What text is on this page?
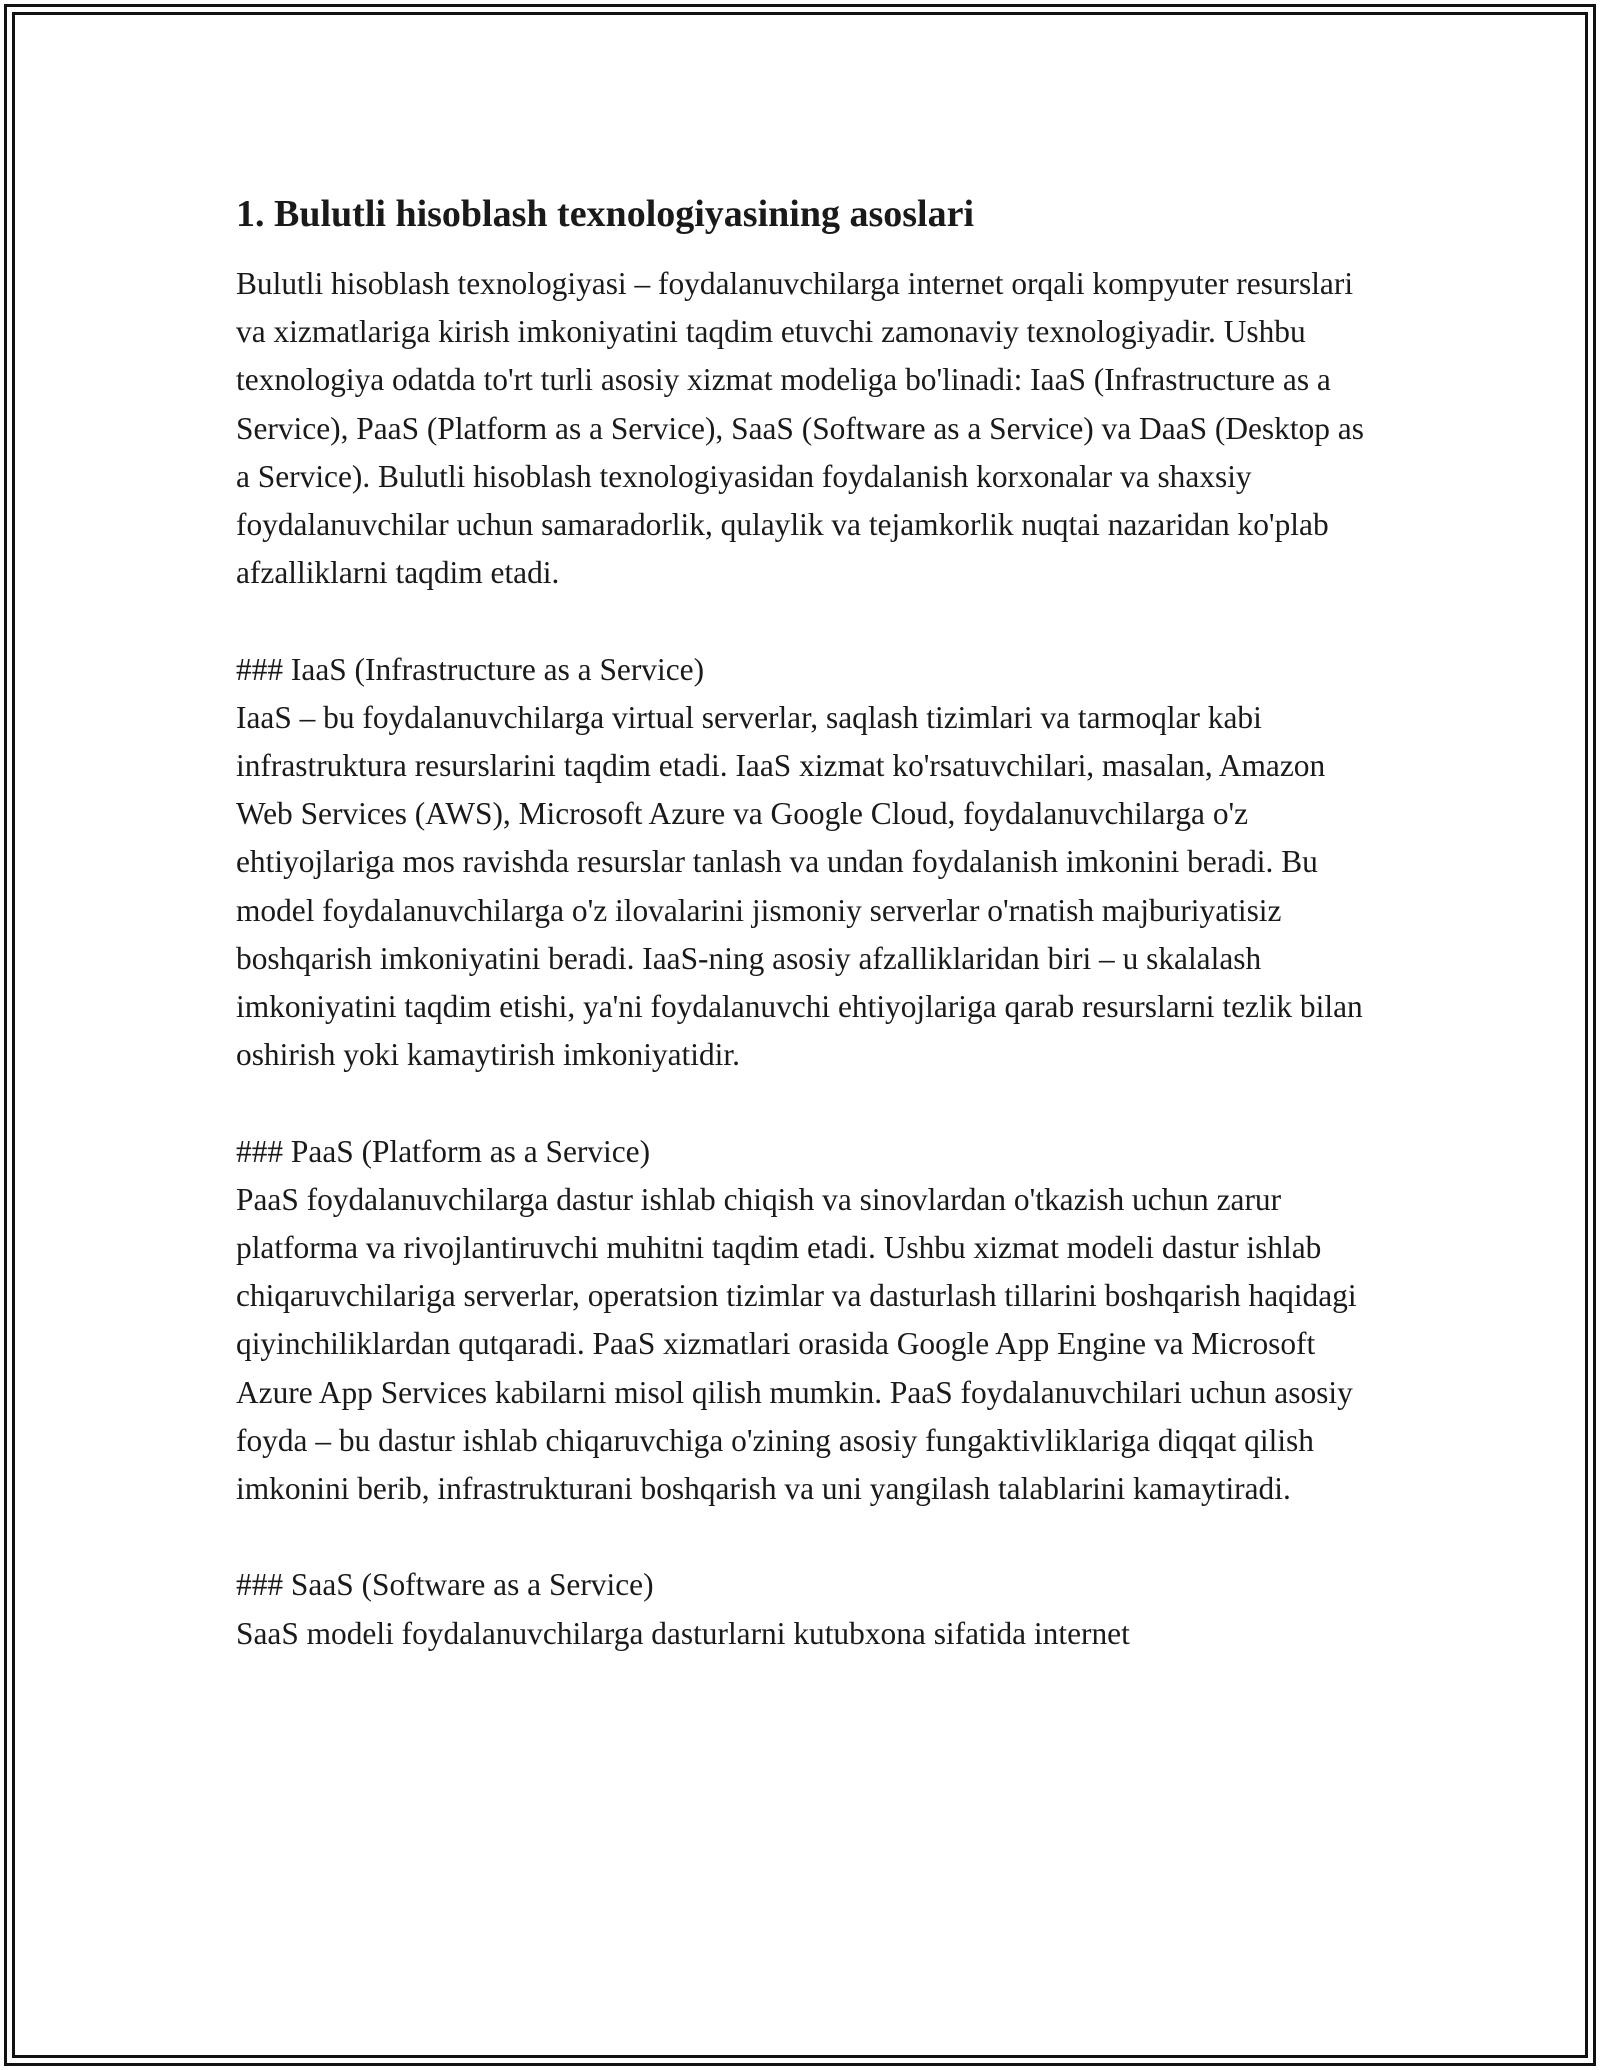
1. Bulutli hisoblash texnologiyasining asoslari

Bulutli hisoblash texnologiyasi – foydalanuvchilarga internet orqali kompyuter resurslari va xizmatlariga kirish imkoniyatini taqdim etuvchi zamonaviy texnologiyadir. Ushbu texnologiya odatda to'rt turli asosiy xizmat modeliga bo'linadi: IaaS (Infrastructure as a Service), PaaS (Platform as a Service), SaaS (Software as a Service) va DaaS (Desktop as a Service). Bulutli hisoblash texnologiyasidan foydalanish korxonalar va shaxsiy foydalanuvchilar uchun samaradorlik, qulaylik va tejamkorlik nuqtai nazaridan ko'plab afzalliklarni taqdim etadi.

### IaaS (Infrastructure as a Service)

IaaS – bu foydalanuvchilarga virtual serverlar, saqlash tizimlari va tarmoqlar kabi infrastruktura resurslarini taqdim etadi. IaaS xizmat ko'rsatuvchilari, masalan, Amazon Web Services (AWS), Microsoft Azure va Google Cloud, foydalanuvchilarga o'z ehtiyojlariga mos ravishda resurslar tanlash va undan foydalanish imkonini beradi. Bu model foydalanuvchilarga o'z ilovalarini jismoniy serverlar o'rnatish majburiyatisiz boshqarish imkoniyatini beradi. IaaS-ning asosiy afzalliklaridan biri – u skalalash imkoniyatini taqdim etishi, ya'ni foydalanuvchi ehtiyojlariga qarab resurslarni tezlik bilan oshirish yoki kamaytirish imkoniyatidir.

### PaaS (Platform as a Service)

PaaS foydalanuvchilarga dastur ishlab chiqish va sinovlardan o'tkazish uchun zarur platforma va rivojlantiruvchi muhitni taqdim etadi. Ushbu xizmat modeli dastur ishlab chiqaruvchilariga serverlar, operatsion tizimlar va dasturlash tillarini boshqarish haqidagi qiyinchiliklardan qutqaradi. PaaS xizmatlari orasida Google App Engine va Microsoft Azure App Services kabilarni misol qilish mumkin. PaaS foydalanuvchilari uchun asosiy foyda – bu dastur ishlab chiqaruvchiga o'zining asosiy fungaktivliklariga diqqat qilish imkonini berib, infrastrukturani boshqarish va uni yangilash talablarini kamaytiradi.

### SaaS (Software as a Service)

SaaS modeli foydalanuvchilarga dasturlarni kutubxona sifatida internet
